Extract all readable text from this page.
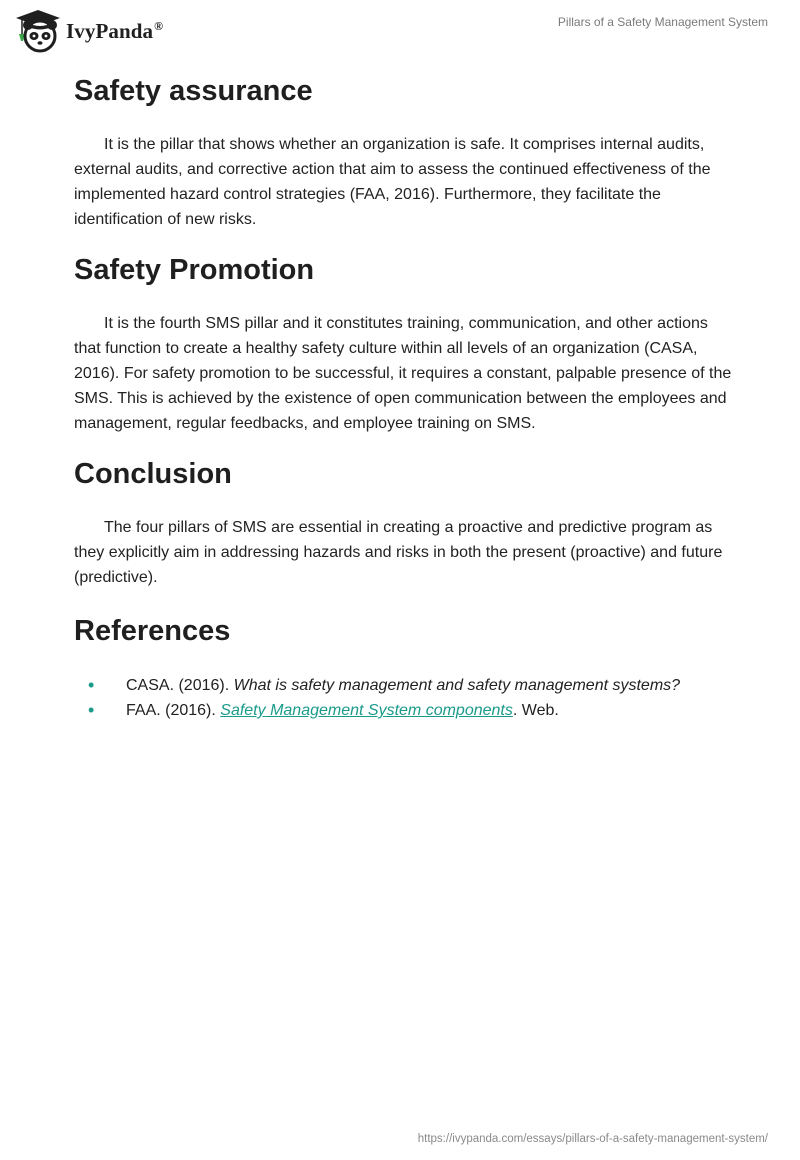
IvyPanda®	Pillars of a Safety Management System
Safety assurance

It is the pillar that shows whether an organization is safe. It comprises internal audits, external audits, and corrective action that aim to assess the continued effectiveness of the implemented hazard control strategies (FAA, 2016). Furthermore, they facilitate the identification of new risks.

Safety Promotion

It is the fourth SMS pillar and it constitutes training, communication, and other actions that function to create a healthy safety culture within all levels of an organization (CASA, 2016). For safety promotion to be successful, it requires a constant, palpable presence of the SMS. This is achieved by the existence of open communication between the employees and management, regular feedbacks, and employee training on SMS.

Conclusion

The four pillars of SMS are essential in creating a proactive and predictive program as they explicitly aim in addressing hazards and risks in both the present (proactive) and future (predictive).

References
• CASA. (2016). What is safety management and safety management systems?
• FAA. (2016). Safety Management System components. Web.
https://ivypanda.com/essays/pillars-of-a-safety-management-system/
